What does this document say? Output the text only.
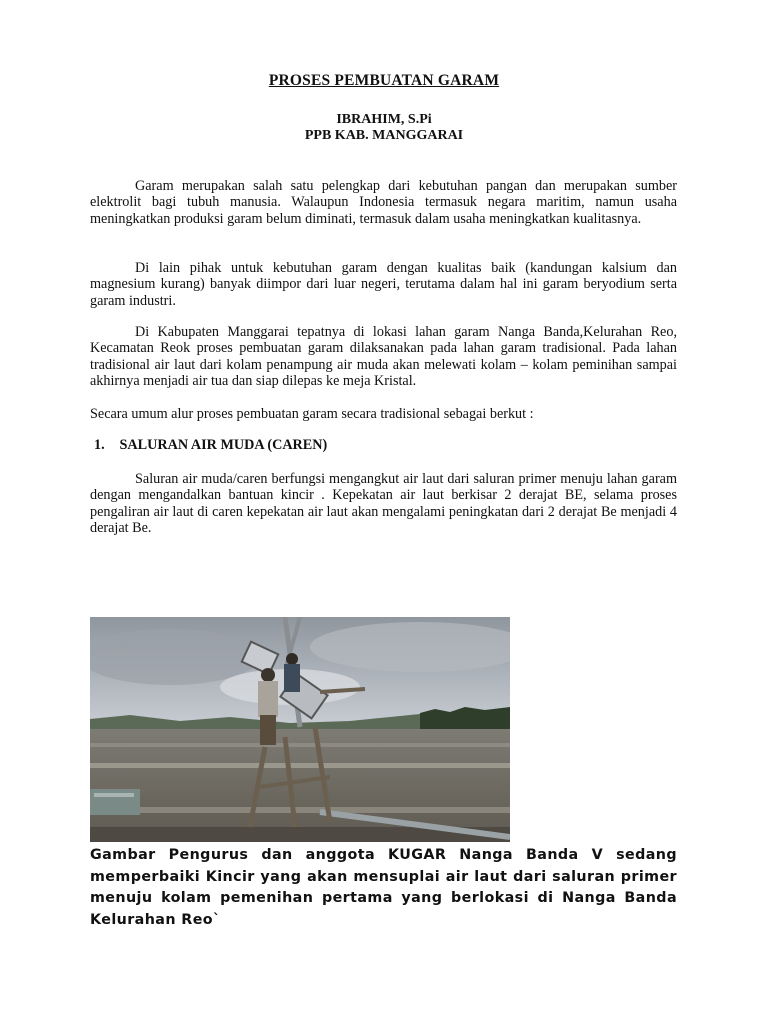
PROSES PEMBUATAN GARAM
IBRAHIM, S.Pi
PPB KAB. MANGGARAI

Garam merupakan salah satu pelengkap dari kebutuhan pangan dan merupakan sumber elektrolit bagi tubuh manusia. Walaupun Indonesia termasuk negara maritim, namun usaha meningkatkan produksi garam belum diminati, termasuk dalam usaha meningkatkan kualitasnya.

Di lain pihak untuk kebutuhan garam dengan kualitas baik (kandungan kalsium dan magnesium kurang) banyak diimpor dari luar negeri, terutama dalam hal ini garam beryodium serta garam industri.

Di Kabupaten Manggarai tepatnya di lokasi lahan garam Nanga Banda,Kelurahan Reo, Kecamatan Reok proses pembuatan garam dilaksanakan pada lahan garam tradisional. Pada lahan tradisional air laut dari kolam penampung air muda akan melewati kolam – kolam peminihan sampai akhirnya menjadi air tua dan siap dilepas ke meja Kristal.

Secara umum alur proses pembuatan garam secara tradisional sebagai berkut :

1. SALURAN AIR MUDA (CAREN)

Saluran air muda/caren berfungsi mengangkut air laut dari saluran primer menuju lahan garam dengan mengandalkan bantuan kincir . Kepekatan air laut berkisar 2 derajat BE, selama proses pengaliran air laut di caren kepekatan air laut akan mengalami peningkatan dari 2 derajat Be menjadi 4 derajat Be.

Gambar Pengurus dan anggota KUGAR Nanga Banda V sedang memperbaiki Kincir yang akan mensuplai air laut dari saluran primer menuju kolam pemenihan pertama yang berlokasi di Nanga Banda Kelurahan Reo`
